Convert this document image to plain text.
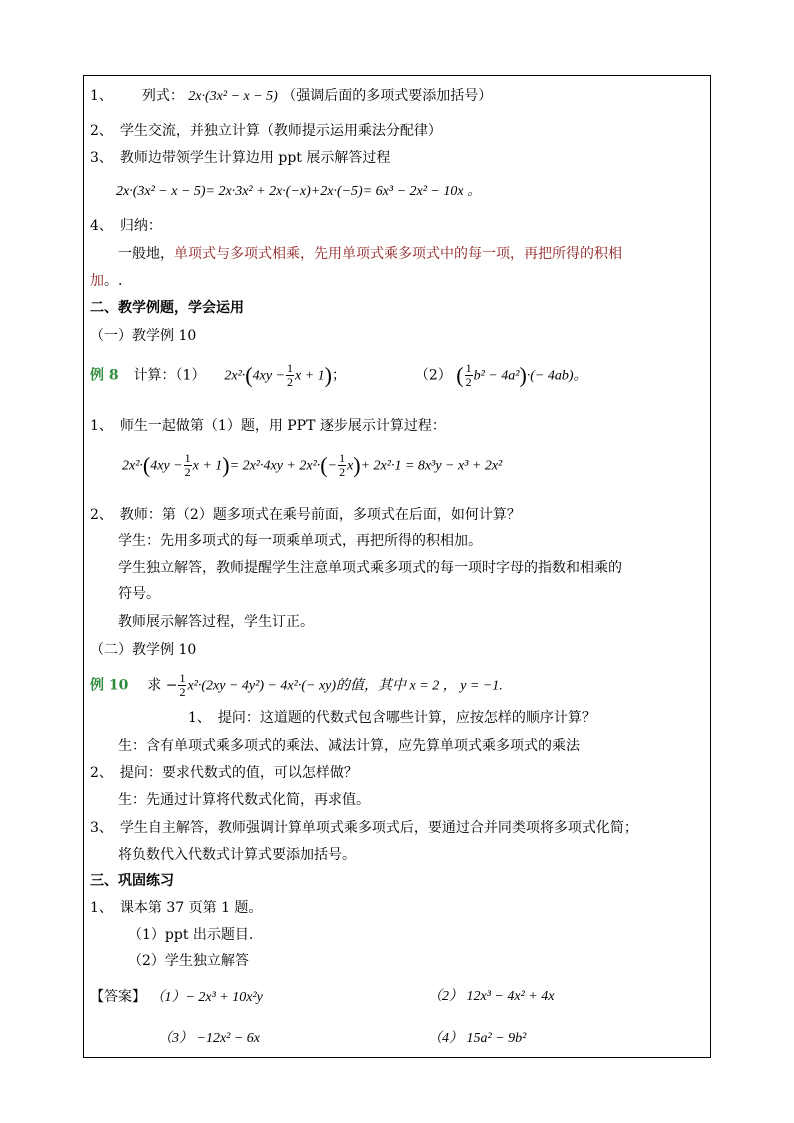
1、 列式： 2x·(3x² − x − 5) （强调后面的多项式要添加括号）
2、　学生交流，并独立计算（教师提示运用乘法分配律）
3、　教师边带领学生计算边用 ppt 展示解答过程
2x·(3x² − x − 5)= 2x·3x² + 2x·(−x)+2x·(−5)= 6x³ − 2x² − 10x 。
4、　归纳：
一般地，单项式与多项式相乘，先用单项式乘多项式中的每一项，再把所得的积相
加。.
二、教学例题，学会运用
（一）教学例 10
例 8 计算：（1） $2x^2\cdot(4xy - \frac{1}{2}$ x + 1)；	（2） ( $\frac{1}{2} b^2 - 4a^2)\cdot(- 4ab)$。
1、　师生一起做第（1）题，用 PPT 逐步展示计算过程：
$2x^2\cdot(4xy - \frac{1}{2}$ $x + 1)= 2x^2\cdot 4xy + 2x^2\cdot(- \frac{1}{2} x)+ 2x^2\cdot 1 = 8x^3y - x^3 + 2x^2$
2、　教师：第（2）题多项式在乘号前面，多项式在后面，如何计算？
学生：先用多项式的每一项乘单项式，再把所得的积相加。
学生独立解答，教师提醒学生注意单项式乘多项式的每一项时字母的指数和相乘的
符号。
教师展示解答过程，学生订正。
（二）教学例 10
例 10 求 − $\frac{1}{2} x^2\cdot(2xy - 4y^2) - 4x^2\cdot(- xy)$的值，其中 x = 2 ， y = −1.
1、　提问：这道题的代数式包含哪些计算，应按怎样的顺序计算？
生：含有单项式乘多项式的乘法、减法计算，应先算单项式乘多项式的乘法
2、　提问：要求代数式的值，可以怎样做？
生：先通过计算将代数式化简，再求值。
3、　学生自主解答，教师强调计算单项式乘多项式后，要通过合并同类项将多项式化简；
将负数代入代数式计算式要添加括号。
三、巩固练习
1、　课本第 37 页第 1 题。
（1）ppt 出示题目.
（2）学生独立解答
【答案】 （1）− 2x³ + 10x²y	（2） 12x³ − 4x² + 4x
（3） −12x² − 6x	（4） 15a² − 9b²
